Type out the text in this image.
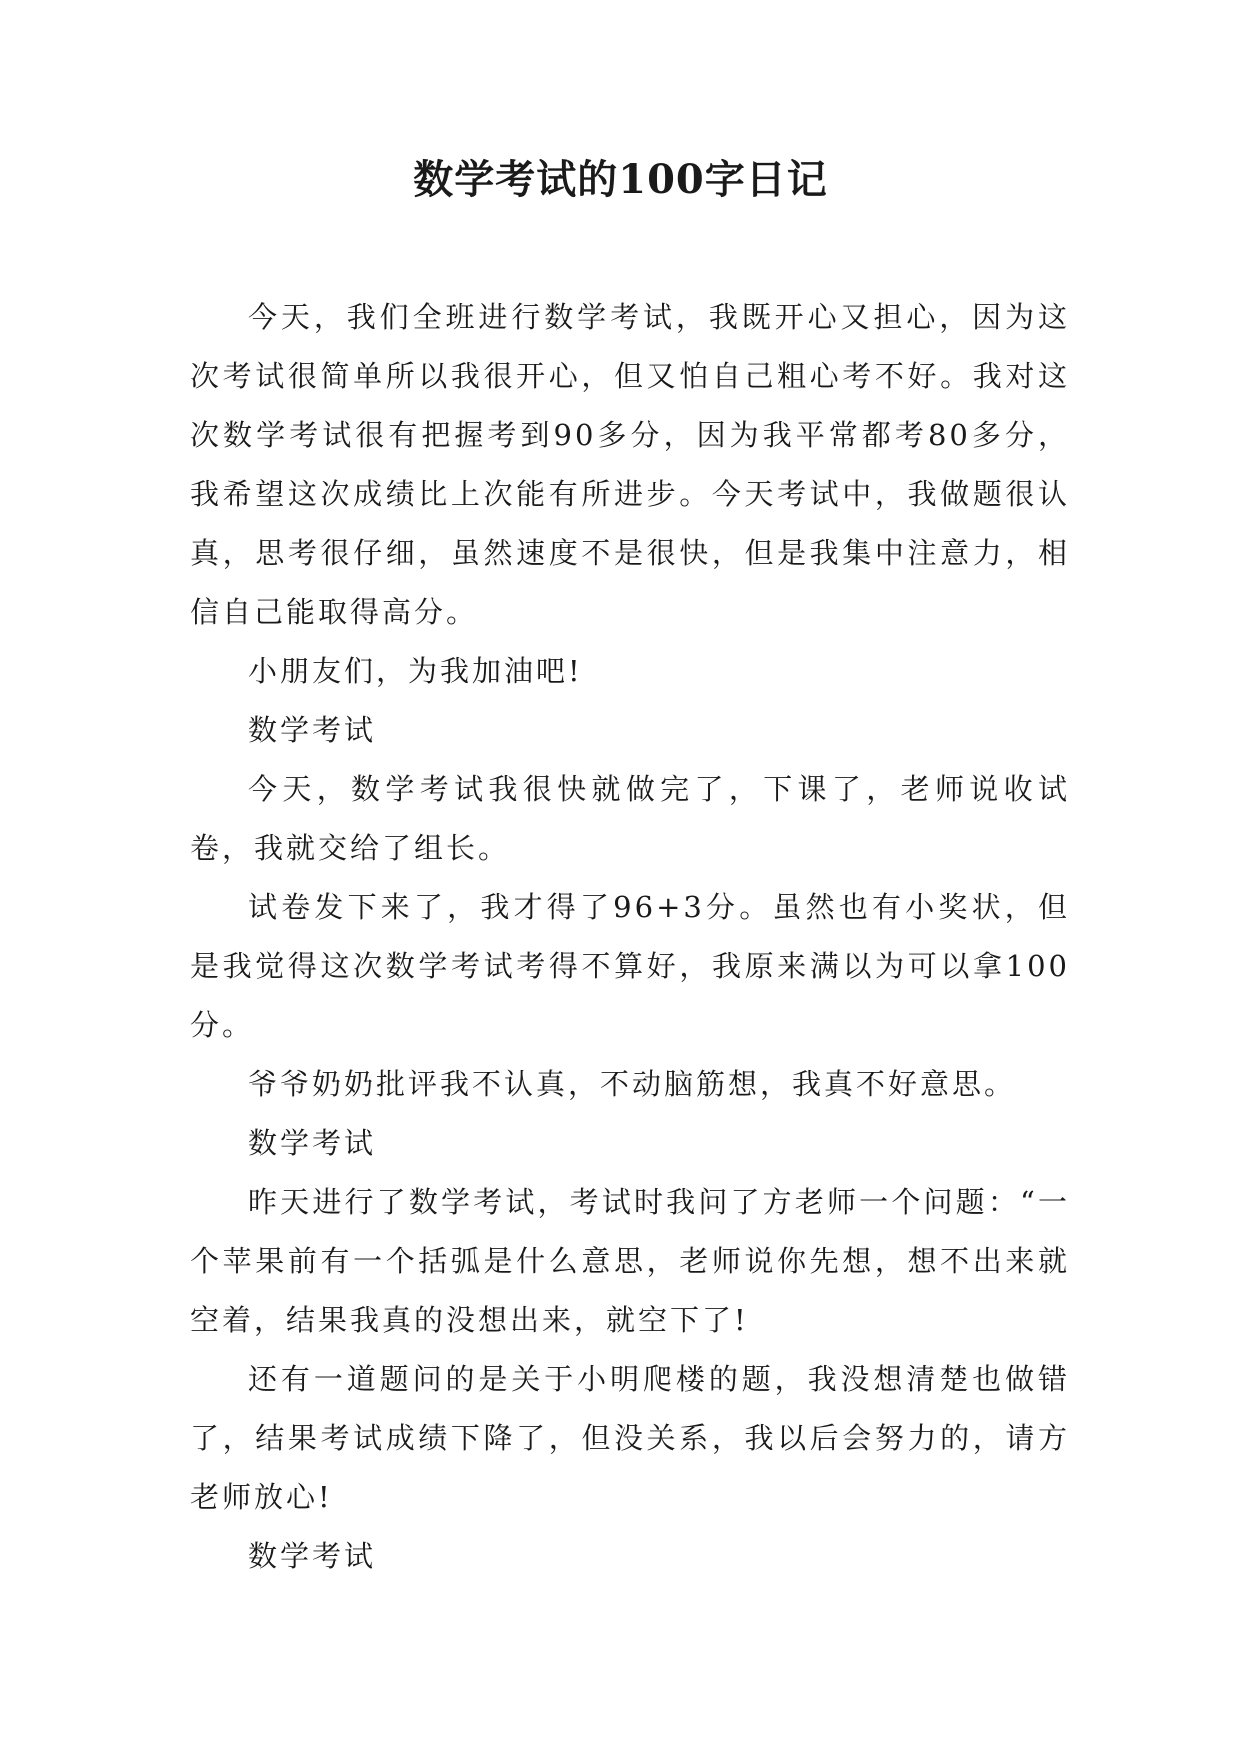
数学考试的100字日记

今天，我们全班进行数学考试，我既开心又担心，因为这次考试很简单所以我很开心，但又怕自己粗心考不好。我对这次数学考试很有把握考到90多分，因为我平常都考80多分，我希望这次成绩比上次能有所进步。今天考试中，我做题很认真，思考很仔细，虽然速度不是很快，但是我集中注意力，相信自己能取得高分。

小朋友们，为我加油吧!

数学考试

今天，数学考试我很快就做完了，下课了，老师说收试卷，我就交给了组长。

试卷发下来了，我才得了96+3分。虽然也有小奖状，但是我觉得这次数学考试考得不算好，我原来满以为可以拿100分。

爷爷奶奶批评我不认真，不动脑筋想，我真不好意思。

数学考试

昨天进行了数学考试，考试时我问了方老师一个问题：“一个苹果前有一个括弧是什么意思，老师说你先想，想不出来就空着，结果我真的没想出来，就空下了!

还有一道题问的是关于小明爬楼的题，我没想清楚也做错了，结果考试成绩下降了，但没关系，我以后会努力的，请方老师放心!

数学考试
